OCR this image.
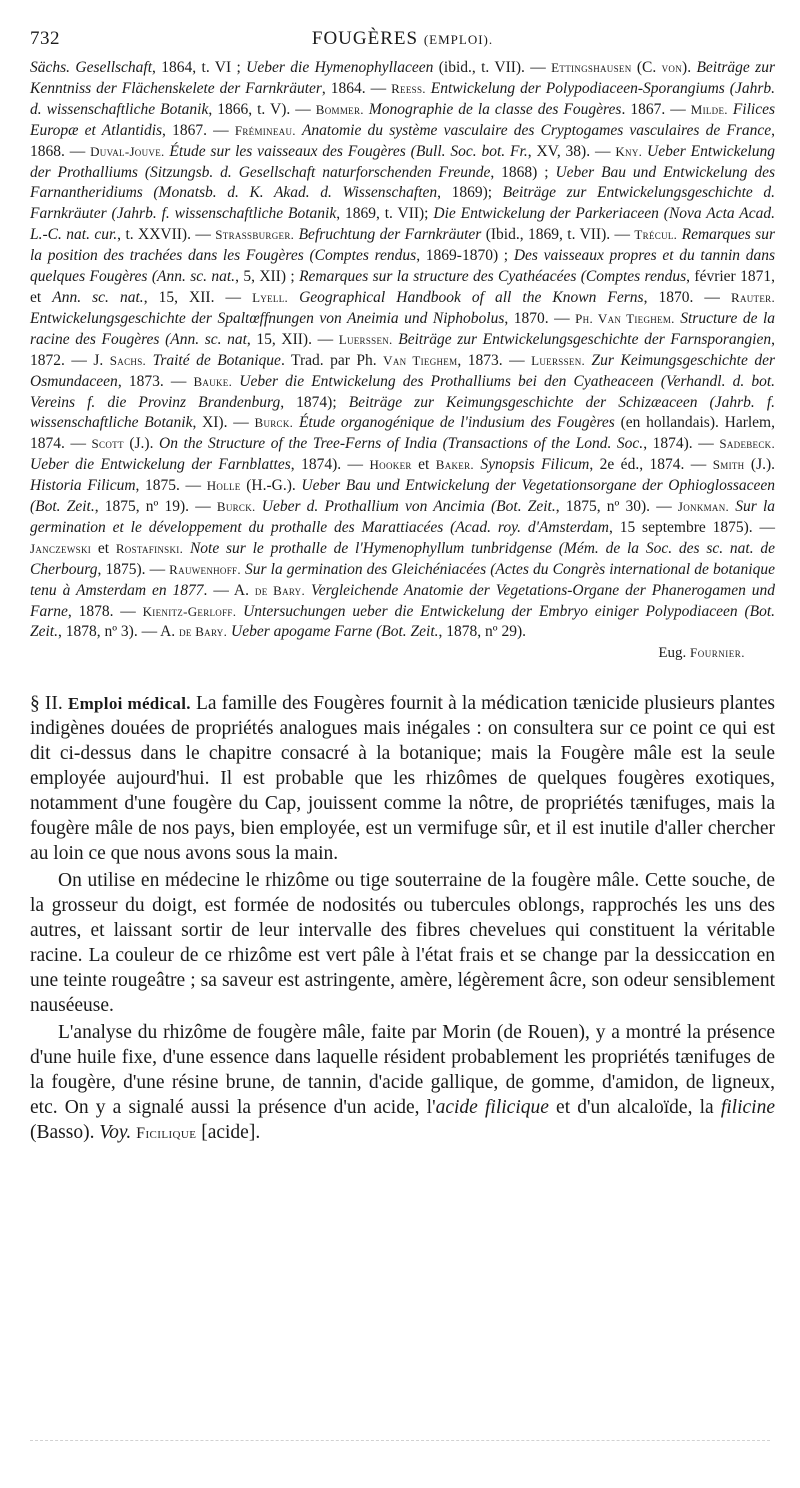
732	FOUGÈRES (EMPLOI).
Sächs. Gesellschaft, 1864, t. VI ; Ueber die Hymenophyllaceen (ibid., t. VII). — Ettingshausen (C. von). Beiträge zur Kenntniss der Flächenskelete der Farnkräuter, 1864. — Reess. Entwickelung der Polypodiaceen-Sporangiums (Jahrb. d. wissenschaftliche Botanik, 1866, t. V). — Bommer. Monographie de la classe des Fougères. 1867. — Milde. Filices Europæ et Atlantidis, 1867. — Fréminea​u. Anatomie du système vasculaire des Cryptogames vasculaires de France, 1868. — Duval-Jouve. Étude sur les vaisseaux des Fougères (Bull. Soc. bot. Fr., XV, 38). — Kny. Ueber Entwickelung der Prothalliums (Sitzungsb. d. Gesellschaft naturforschenden Freunde, 1868) ; Ueber Bau und Entwickelung des Farnantheridiums (Monatsb. d. K. Akad. d. Wissenschaften, 1869); Beiträge zur Entwickelungsgeschichte d. Farnkräuter (Jahrb. f. wissenschaftliche Botanik, 1869, t. VII); Die Entwickelung der Parkeriaceen (Nova Acta Acad. L.-C. nat. cur., t. XXVII). — Strassburger. Befruchtung der Farnkräuter (Ibid., 1869, t. VII). — Trécul. Remarques sur la position des trachées dans les Fougères (Comptes rendus, 1869-1870) ; Des vaisseaux propres et du tannin dans quelques Fougères (Ann. sc. nat., 5, XII) ; Remarques sur la structure des Cyathéacées (Comptes rendus, février 1871, et Ann. sc. nat., 15, XII. — Lyell. Geographical Handbook of all the Known Ferns, 1870. — Rauter. Entwickelungsgeschichte der Spaltœffnungen von Aneimia und Niphobolus, 1870. — Ph. Van Tieghem. Structure de la racine des Fougères (Ann. sc. nat, 15, XII). — Luerssen. Beiträge zur Entwickelungsgeschichte der Farnsporangien, 1872. — J. Sachs. Traité de Botanique. Trad. par Ph. Van Tieghem, 1873. — Luerssen. Zur Keimungsgeschichte der Osmundaceen, 1873. — Bauke. Ueber die Entwickelung des Prothalliums bei den Cyatheaceen (Verhandl. d. bot. Vereins f. die Provinz Brandenburg, 1874); Beiträge zur Keimungsgeschichte der Schizæaceen (Jahrb. f. wissenschaftliche Botanik, XI). — Burck. Étude organogénique de l'indusium des Fougères (en hollandais). Harlem, 1874. — Scott (J.). On the Structure of the Tree-Ferns of India (Transactions of the Lond. Soc., 1874). — Sadebeck. Ueber die Entwickelung der Farnblattes, 1874). — Hooker et Baker. Synopsis Filicum, 2e éd., 1874. — Smith (J.). Historia Filicum, 1875. — Holle (H.-G.). Ueber Bau und Entwickelung der Vegetationsorgane der Ophioglossaceen (Bot. Zeit., 1875, nº 19). — Burck. Ueber d. Prothallium von Ancimia (Bot. Zeit., 1875, nº 30). — Jonkman. Sur la germination et le développement du prothalle des Marattiacées (Acad. roy. d'Amsterdam, 15 septembre 1875). — Janczewski et Rostafinski. Note sur le prothalle de l'Hymenophyllum tunbridgense (Mém. de la Soc. des sc. nat. de Cherbourg, 1875). — Rauwenhoff. Sur la germination des Gleichéniacées (Actes du Congrès international de botanique tenu à Amsterdam en 1877. — A. de Bary. Vergleichende Anatomie der Vegetations-Organe der Phanerogamen und Farne, 1878. — Kienitz-Gerloff. Untersuchungen ueber die Entwickelung der Embryo einiger Polypodiaceen (Bot. Zeit., 1878, nº 3). — A. de Bary. Ueber apogame Farne (Bot. Zeit., 1878, nº 29).
Eug. Fournier.

§ II. Emploi médical. La famille des Fougères fournit à la médication tænicide plusieurs plantes indigènes douées de propriétés analogues mais inégales : on consultera sur ce point ce qui est dit ci-dessus dans le chapitre consacré à la botanique; mais la Fougère mâle est la seule employée aujourd'hui. Il est probable que les rhizômes de quelques fougères exotiques, notamment d'une fougère du Cap, jouissent comme la nôtre, de propriétés tænifuges, mais la fougère mâle de nos pays, bien employée, est un vermifuge sûr, et il est inutile d'aller chercher au loin ce que nous avons sous la main.

On utilise en médecine le rhizôme ou tige souterraine de la fougère mâle. Cette souche, de la grosseur du doigt, est formée de nodosités ou tubercules oblongs, rapprochés les uns des autres, et laissant sortir de leur intervalle des fibres chevelues qui constituent la véritable racine. La couleur de ce rhizôme est vert pâle à l'état frais et se change par la dessiccation en une teinte rougeâtre ; sa saveur est astringente, amère, légèrement âcre, son odeur sensiblement nauséeuse.

L'analyse du rhizôme de fougère mâle, faite par Morin (de Rouen), y a montré la présence d'une huile fixe, d'une essence dans laquelle résident probablement les propriétés tænifuges de la fougère, d'une résine brune, de tannin, d'acide gallique, de gomme, d'amidon, de ligneux, etc. On y a signalé aussi la présence d'un acide, l'acide filicique et d'un alcaloïde, la filicine (Basso). Voy. Ficilique [acide].
